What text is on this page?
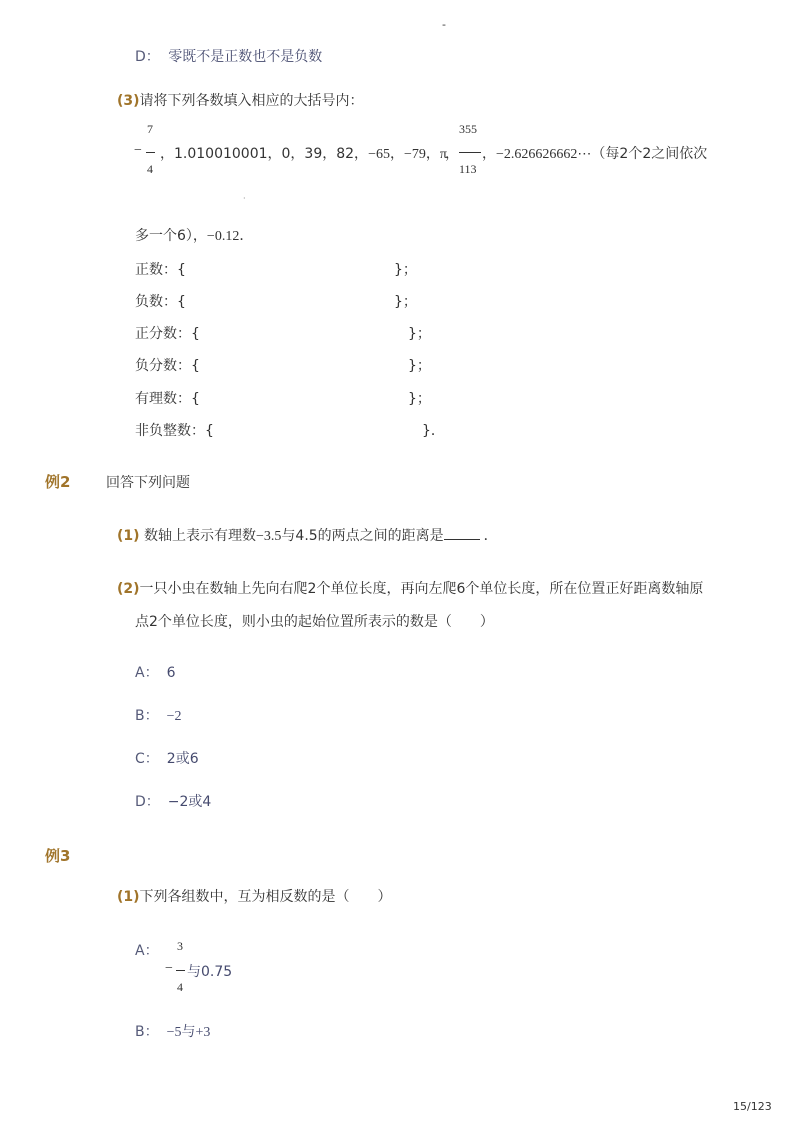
-
D： 零既不是正数也不是负数
(3)请将下列各数填入相应的大括号内：
7
−
4
，1.010010001，0，39，82，−65，−79，π
，
355
113
，−2.626626662⋯（每2个2之间依次
·
多一个6），−0.12．
正数：{	}；
负数：{	}；
正分数：{	}；
负分数：{	}；
有理数：{	}；
非负整数：{	}．
例2	回答下列问题
(1) 数轴上表示有理数−3.5与4.5的两点之间的距离是	．
(2)一只小虫在数轴上先向右爬2个单位长度，再向左爬6个单位长度，所在位置正好距离数轴原
点2个单位长度，则小虫的起始位置所表示的数是（　　）
A： 6
B： −2
C： 2或6
D： −2或4
例3
(1)下列各组数中，互为相反数的是（　　）
A： 3
−
4
与0.75
B： −5与+3
15/123
